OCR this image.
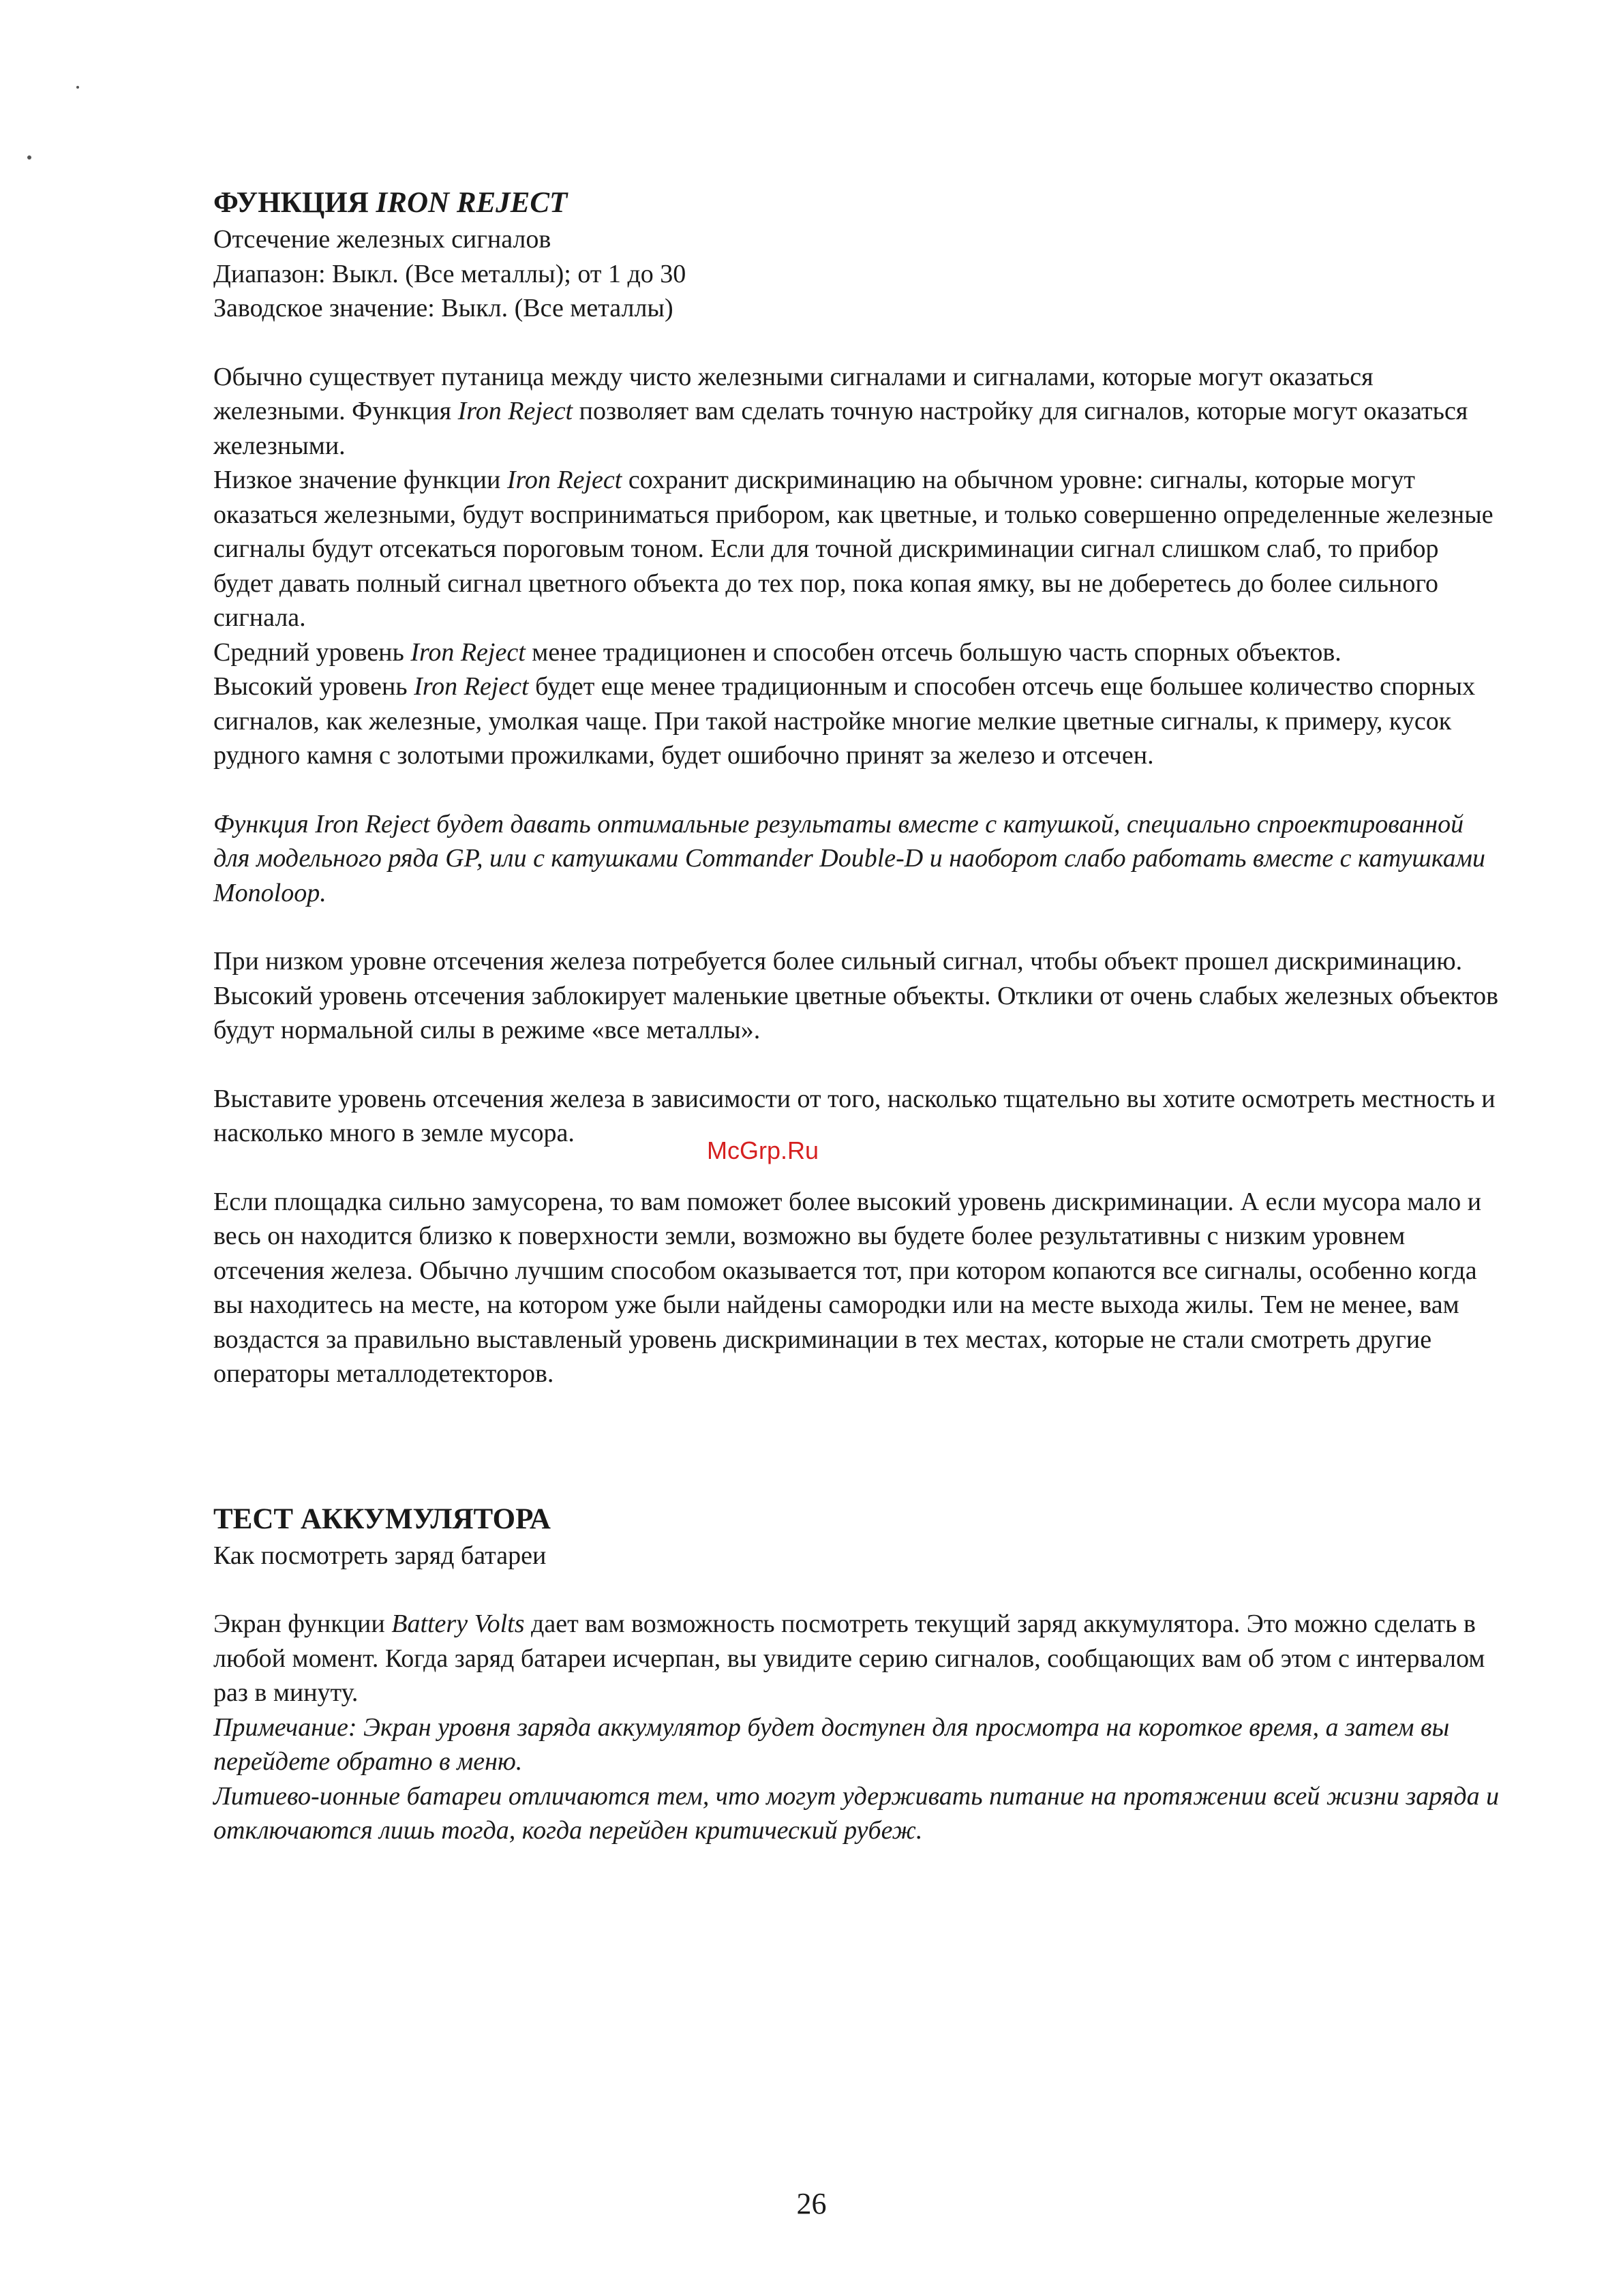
ФУНКЦИЯ IRON REJECT

Отсечение железных сигналов

Диапазон: Выкл. (Все металлы); от 1 до 30

Заводское значение: Выкл. (Все металлы)

Обычно существует путаница между чисто железными сигналами и сигналами, которые могут оказаться железными. Функция Iron Reject позволяет вам сделать точную настройку для сигналов, которые могут оказаться железными.

Низкое значение функции Iron Reject сохранит дискриминацию на обычном уровне: сигналы, которые могут оказаться железными, будут восприниматься прибором, как цветные, и только совершенно определенные железные сигналы будут отсекаться пороговым тоном. Если для точной дискриминации сигнал слишком слаб, то прибор будет давать полный сигнал цветного объекта до тех пор, пока копая ямку, вы не доберетесь до более сильного сигнала.

Средний уровень Iron Reject менее традиционен и способен отсечь большую часть спорных объектов.

Высокий уровень Iron Reject будет еще менее традиционным и способен отсечь еще большее количество спорных сигналов, как железные, умолкая чаще. При такой настройке многие мелкие цветные сигналы, к примеру, кусок рудного камня с золотыми прожилками, будет ошибочно принят за железо и отсечен.

Функция Iron Reject будет давать оптимальные результаты вместе с катушкой, специально спроектированной для модельного ряда GP, или с катушками Commander Double-D и наоборот слабо работать вместе с катушками Monoloop.

При низком уровне отсечения железа потребуется более сильный сигнал, чтобы объект прошел дискриминацию. Высокий уровень отсечения заблокирует маленькие цветные объекты. Отклики от очень слабых железных объектов будут нормальной силы в режиме «все металлы».

Выставите уровень отсечения железа в зависимости от того, насколько тщательно вы хотите осмотреть местность и насколько много в земле мусора.

Если площадка сильно замусорена, то вам поможет более высокий уровень дискриминации. А если мусора мало и весь он находится близко к поверхности земли, возможно вы будете более результативны с низким уровнем отсечения железа. Обычно лучшим способом оказывается тот, при котором копаются все сигналы, особенно когда вы находитесь на месте, на котором уже были найдены самородки или на месте выхода жилы. Тем не менее, вам воздастся за правильно выставленый уровень дискриминации в тех местах, которые не стали смотреть другие операторы металлодетекторов.

ТЕСТ АККУМУЛЯТОРА

Как посмотреть заряд батареи

Экран функции Battery Volts дает вам возможность посмотреть текущий заряд аккумулятора. Это можно сделать в любой момент. Когда заряд батареи исчерпан, вы увидите серию сигналов, сообщающих вам об этом с интервалом раз в минуту.

Примечание: Экран уровня заряда аккумулятор будет доступен для просмотра на короткое время, а затем вы перейдете обратно в меню.

Литиево-ионные батареи отличаются тем, что могут удерживать питание на протяжении всей жизни заряда и отключаются лишь тогда, когда перейден критический рубеж.

McGrp.Ru
26
